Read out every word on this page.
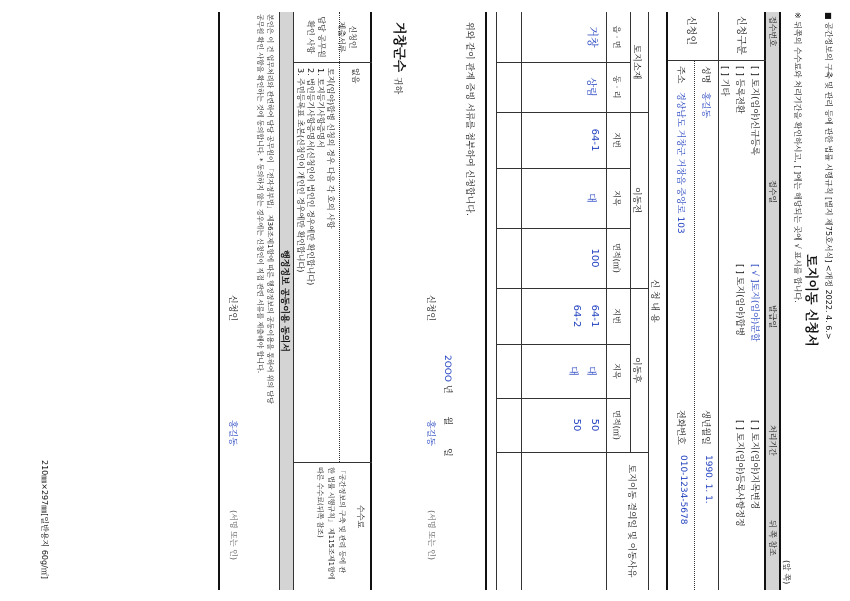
■ 공간정보의 구축 및 관리 등에 관한 법률 시행규칙 [별지 제75호서식] <개정 2022. 4. 6.>
토지이동 신청서
※ 뒤쪽의 수수료와 처리기간을 확인하시고, [ ]에는 해당되는 곳에 √ 표시를 합니다.
(앞 쪽)
접수번호
접수일
발급일
처리기간
뒤 쪽 참조
신청구분
[ ] 토지(임야)신규등록
[ √ ]토지(임야)분할
[ ] 토지(임야)지목변경
[ ] 등록전환
[ ] 토지(임야)합병
[ ] 토지(임야)등록사항정정
[ ] 기타
신청인
성명
홍길동
생년월일
1990. 1. 1.
주소
경상남도 거창군 거창읍 중앙로 103
전화번호
010-1234-5678
신 청 내 용
토지소재
이동전
이동후
토지이동 결의일 및 이동사유
읍 · 면
동 · 리
지번
지목
면적(㎡)
지번
지목
면적(㎡)
거창
상림
64-1
대
100
64-1
대
50
64-2
대
50
위와 같이 관계 증빙 서류를 첨부하여 신청합니다.
2OOO 년        월        일
신청인
홍길동
(서명 또는 인)
거창군수 귀하
신청인
제출서류
없음
담당 공무원
확인 사항
토지(임야)합병 신청의 경우 다음 각 호의 사항
1. 토지등기사항증명서
2. 법인등기사항증명서(신청인이 법인인 경우에만 확인합니다)
3. 주민등록표 초본(신청인이 개인인 경우에만 확인합니다)
수수료
「공간정보의 구축 및 관리 등에 관
한 법률 시행규칙」 제115조제1항에
따른 수수료(뒤쪽 참조)
행정정보 공동이용 동의서
본인은 이 건 업무처리와 관련하여 담당 공무원이 「전자정부법」 제36조제1항에 따른 행정정보의 공동이용을 통하여 위의 담당
공무원 확인 사항을 확인하는 것에 동의합니다. * 동의하지 않는 경우에는 신청인이 직접 관련 서류를 제출해야 합니다.
신청인
홍길동
(서명 또는 인)
210㎜×297㎜[일반용지 60g/㎡]
